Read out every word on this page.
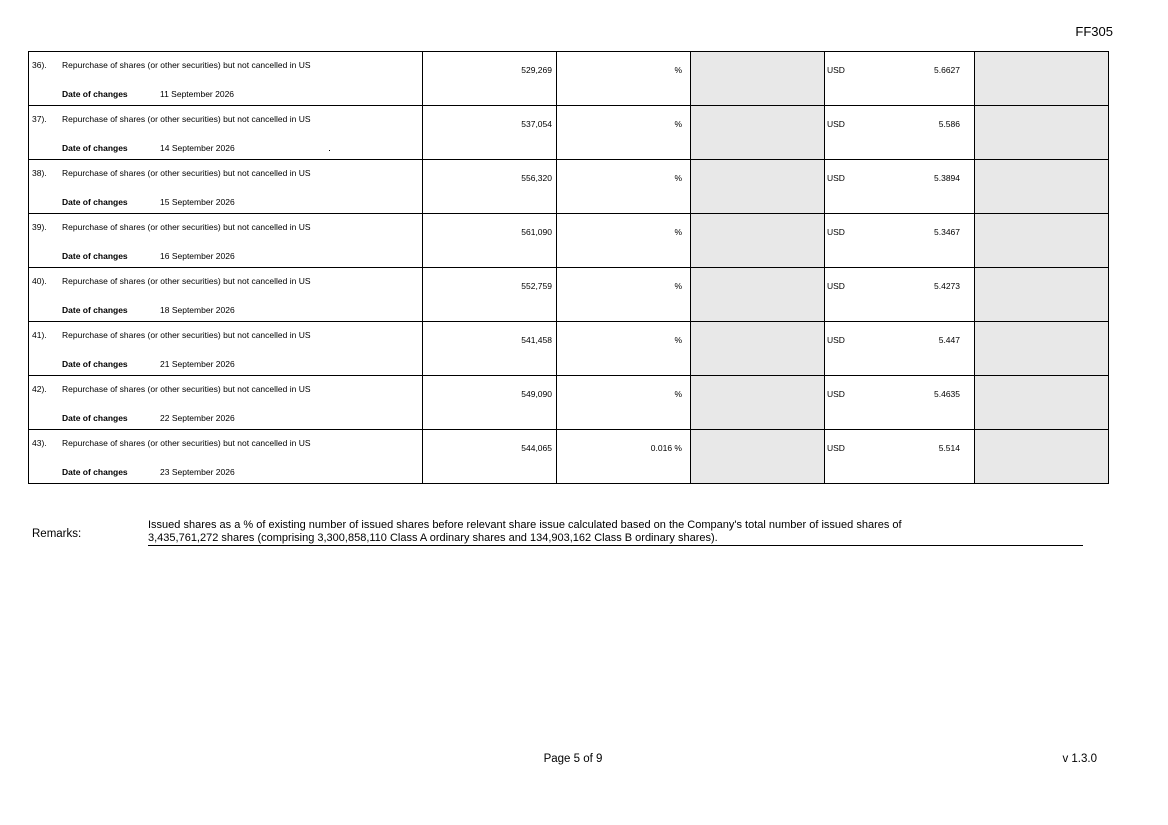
FF305
36). Repurchase of shares (or other securities) but not cancelled in US
Date of changes 11 September 2026	529,269	%		USD 5.6627	

37). Repurchase of shares (or other securities) but not cancelled in US
Date of changes 14 September 2026	537,054	%		USD 5.586	

38). Repurchase of shares (or other securities) but not cancelled in US
Date of changes 15 September 2026	556,320	%		USD 5.3894	

39). Repurchase of shares (or other securities) but not cancelled in US
Date of changes 16 September 2026	561,090	%		USD 5.3467	

40). Repurchase of shares (or other securities) but not cancelled in US
Date of changes 18 September 2026	552,759	%		USD 5.4273	

41). Repurchase of shares (or other securities) but not cancelled in US
Date of changes 21 September 2026	541,458	%		USD 5.447	

42). Repurchase of shares (or other securities) but not cancelled in US
Date of changes 22 September 2026	549,090	%		USD 5.4635	

43). Repurchase of shares (or other securities) but not cancelled in US
Date of changes 23 September 2026	544,065	0.016 %		USD 5.514	

Remarks:
Issued shares as a % of existing number of issued shares before relevant share issue calculated based on the Company's total number of issued shares of
3,435,761,272 shares (comprising 3,300,858,110 Class A ordinary shares and 134,903,162 Class B ordinary shares).
Page 5 of 9	v 1.3.0
